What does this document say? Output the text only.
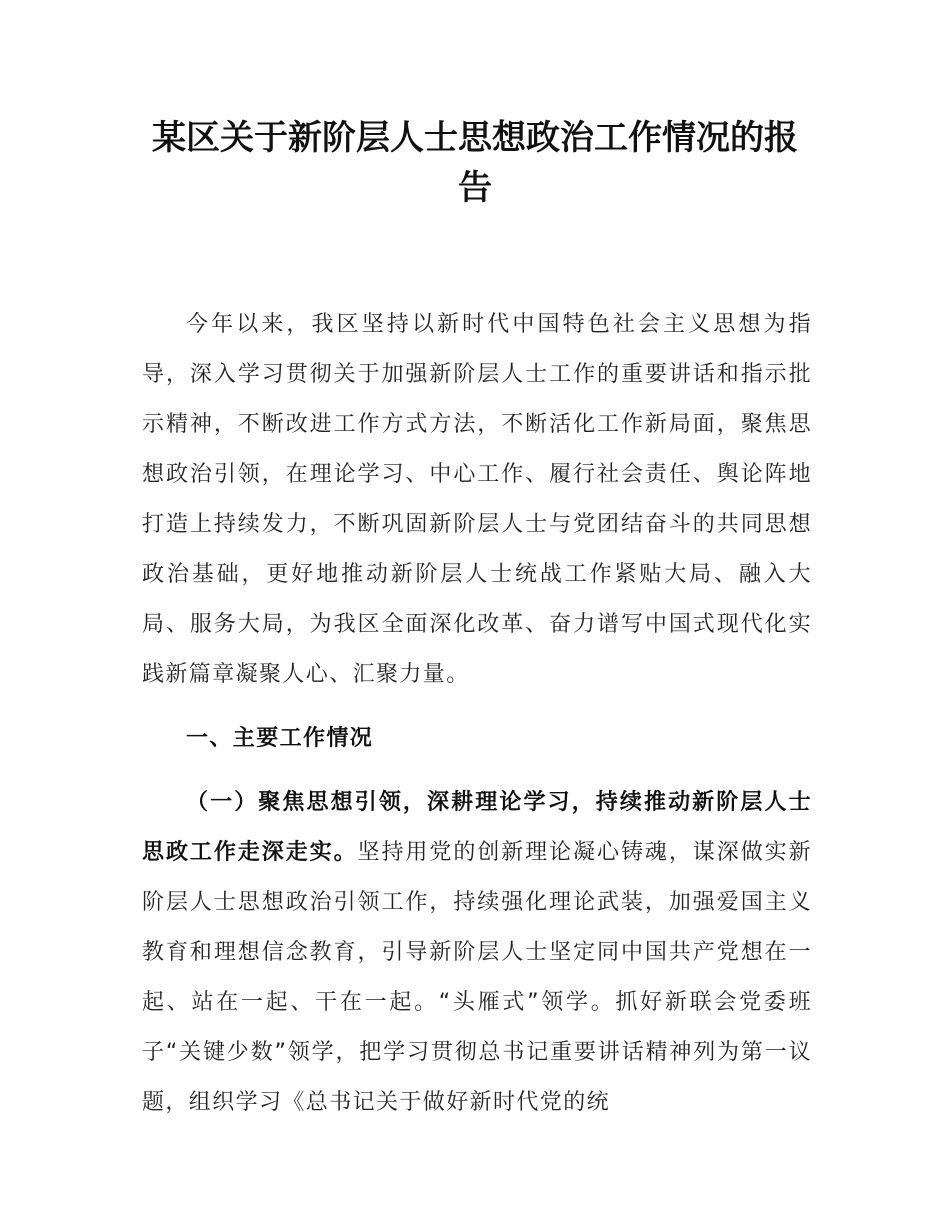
某区关于新阶层人士思想政治工作情况的报告

今年以来，我区坚持以新时代中国特色社会主义思想为指导，深入学习贯彻关于加强新阶层人士工作的重要讲话和指示批示精神，不断改进工作方式方法，不断活化工作新局面，聚焦思想政治引领，在理论学习、中心工作、履行社会责任、舆论阵地打造上持续发力，不断巩固新阶层人士与党团结奋斗的共同思想政治基础，更好地推动新阶层人士统战工作紧贴大局、融入大局、服务大局，为我区全面深化改革、奋力谱写中国式现代化实践新篇章凝聚人心、汇聚力量。

一、主要工作情况

（一）聚焦思想引领，深耕理论学习，持续推动新阶层人士思政工作走深走实。坚持用党的创新理论凝心铸魂，谋深做实新阶层人士思想政治引领工作，持续强化理论武装，加强爱国主义教育和理想信念教育，引导新阶层人士坚定同中国共产党想在一起、站在一起、干在一起。“头雁式”领学。抓好新联会党委班子“关键少数”领学，把学习贯彻总书记重要讲话精神列为第一议题，组织学习《总书记关于做好新时代党的统
